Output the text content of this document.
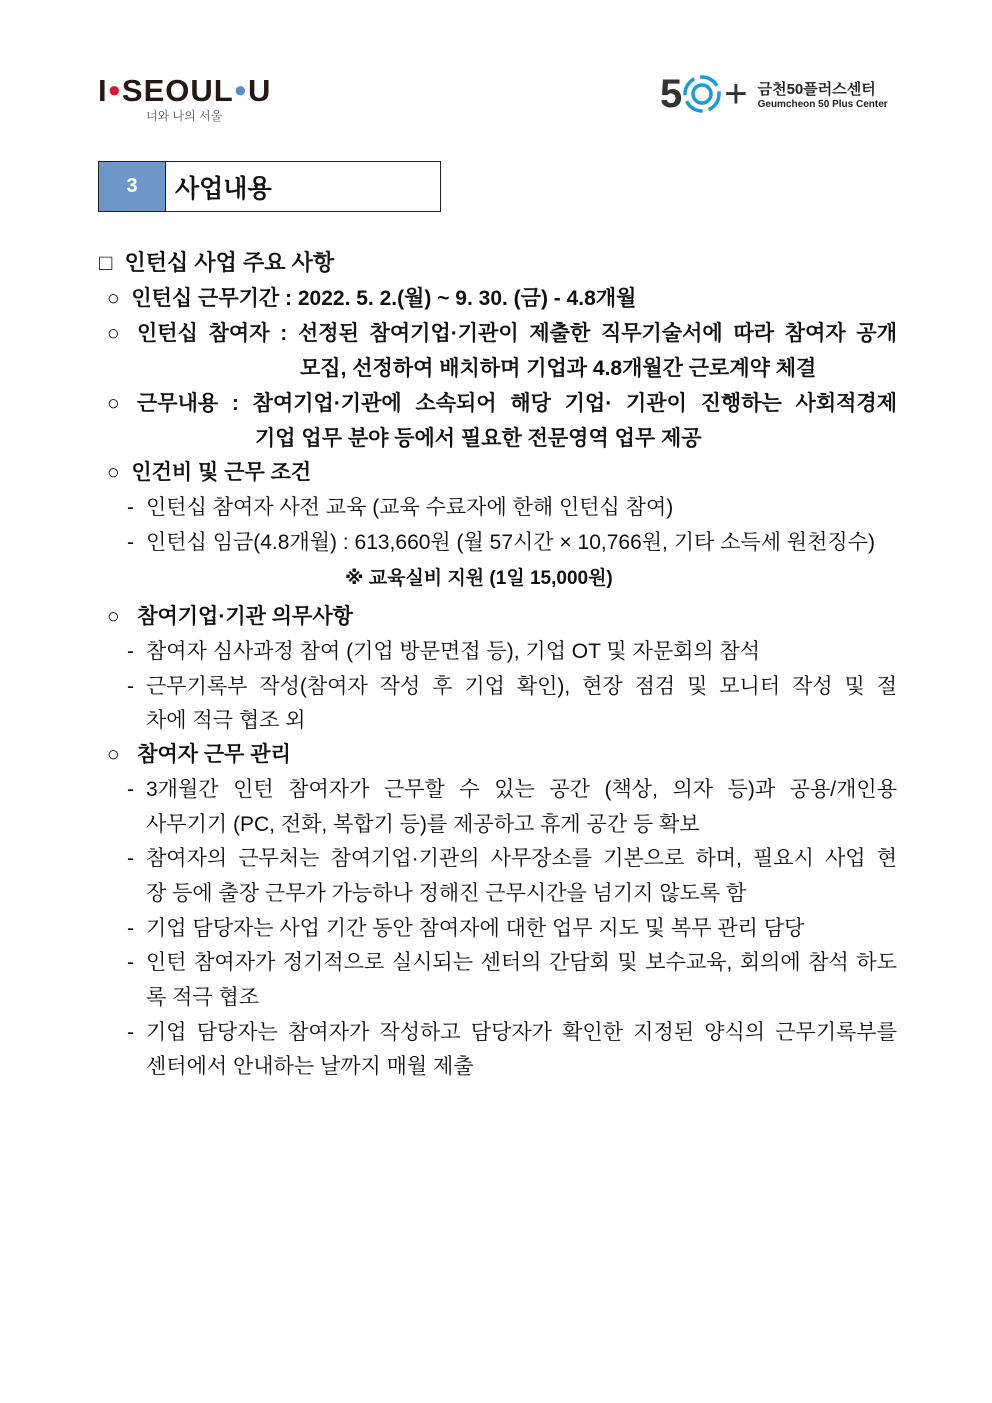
I●SEOUL●U
너와 나의 서울	5 + 금천50플러스센터
Geumcheon 50 Plus Center
3	사업내용
□ 인턴십 사업 주요 사항
○ 인턴십 근무기간 : 2022. 5. 2.(월) ~ 9. 30. (금) - 4.8개월
○ 인턴십 참여자 : 선정된 참여기업·기관이 제출한 직무기술서에 따라 참여자 공개
모집, 선정하여 배치하며 기업과 4.8개월간 근로계약 체결
○ 근무내용 : 참여기업·기관에 소속되어 해당 기업· 기관이 진행하는 사회적경제
기업 업무 분야 등에서 필요한 전문영역 업무 제공
○ 인건비 및 근무 조건
- 인턴십 참여자 사전 교육 (교육 수료자에 한해 인턴십 참여)
- 인턴십 임금(4.8개월) : 613,660원 (월 57시간 × 10,766원, 기타 소득세 원천징수)
※ 교육실비 지원 (1일 15,000원)
○ 참여기업·기관 의무사항
- 참여자 심사과정 참여 (기업 방문면접 등), 기업 OT 및 자문회의 참석
- 근무기록부 작성(참여자 작성 후 기업 확인), 현장 점검 및 모니터 작성 및 절
차에 적극 협조 외
○ 참여자 근무 관리
- 3개월간 인턴 참여자가 근무할 수 있는 공간 (책상, 의자 등)과 공용/개인용
사무기기 (PC, 전화, 복합기 등)를 제공하고 휴게 공간 등 확보
- 참여자의 근무처는 참여기업·기관의 사무장소를 기본으로 하며, 필요시 사업 현
장 등에 출장 근무가 가능하나 정해진 근무시간을 넘기지 않도록 함
- 기업 담당자는 사업 기간 동안 참여자에 대한 업무 지도 및 복무 관리 담당
- 인턴 참여자가 정기적으로 실시되는 센터의 간담회 및 보수교육, 회의에 참석 하도
록 적극 협조
- 기업 담당자는 참여자가 작성하고 담당자가 확인한 지정된 양식의 근무기록부를
센터에서 안내하는 날까지 매월 제출
